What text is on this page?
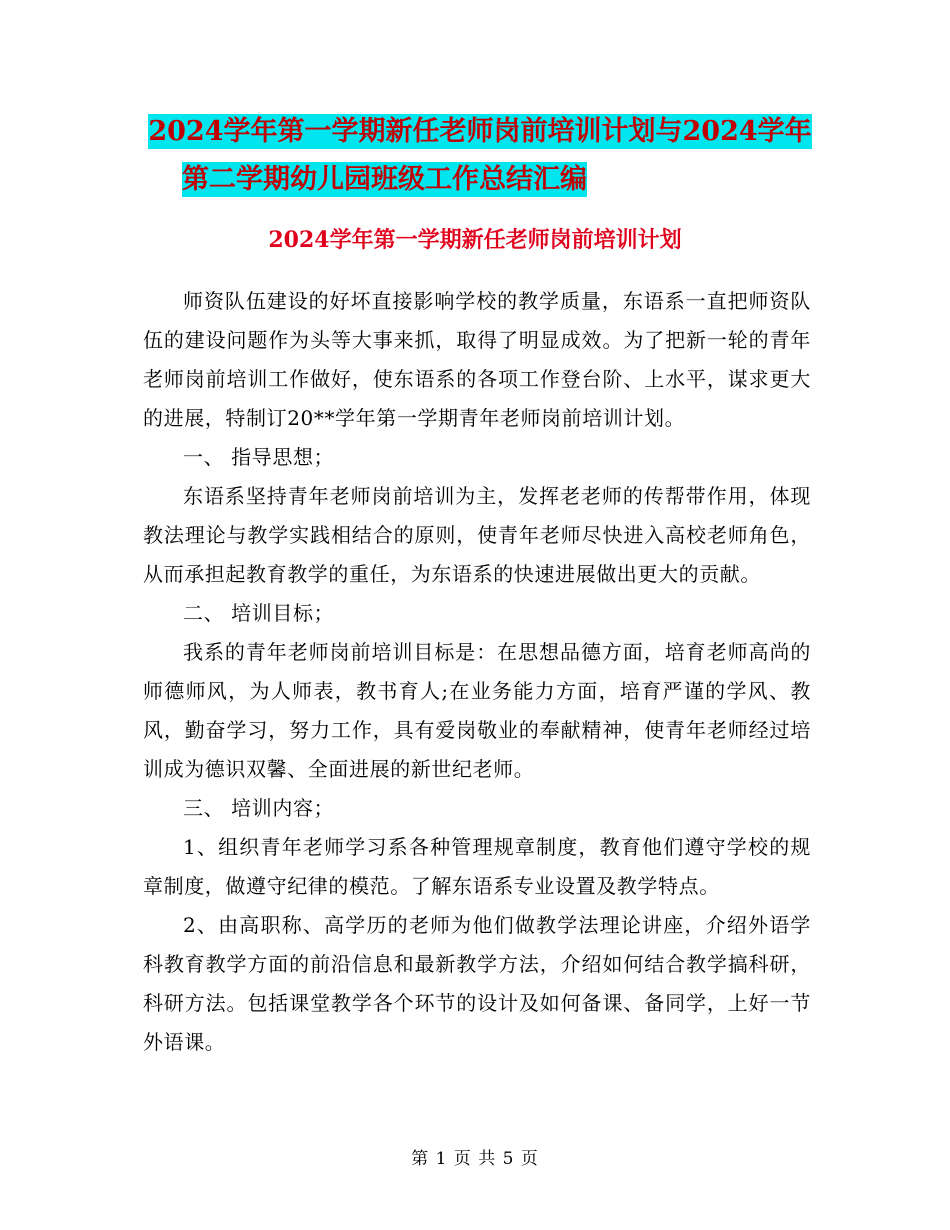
2024学年第一学期新任老师岗前培训计划与2024学年
第二学期幼儿园班级工作总结汇编
2024学年第一学期新任老师岗前培训计划

师资队伍建设的好坏直接影响学校的教学质量，东语系一直把师资队伍的建设问题作为头等大事来抓，取得了明显成效。为了把新一轮的青年老师岗前培训工作做好，使东语系的各项工作登台阶、上水平，谋求更大的进展，特制订20**学年第一学期青年老师岗前培训计划。

一、 指导思想；

东语系坚持青年老师岗前培训为主，发挥老老师的传帮带作用，体现教法理论与教学实践相结合的原则，使青年老师尽快进入高校老师角色，从而承担起教育教学的重任，为东语系的快速进展做出更大的贡献。

二、 培训目标；

我系的青年老师岗前培训目标是：在思想品德方面，培育老师高尚的师德师风，为人师表，教书育人;在业务能力方面，培育严谨的学风、教风，勤奋学习，努力工作，具有爱岗敬业的奉献精神，使青年老师经过培训成为德识双馨、全面进展的新世纪老师。

三、 培训内容；

1、组织青年老师学习系各种管理规章制度，教育他们遵守学校的规章制度，做遵守纪律的模范。了解东语系专业设置及教学特点。

2、由高职称、高学历的老师为他们做教学法理论讲座，介绍外语学科教育教学方面的前沿信息和最新教学方法，介绍如何结合教学搞科研，科研方法。包括课堂教学各个环节的设计及如何备课、备同学，上好一节外语课。

第 1 页 共 5 页
